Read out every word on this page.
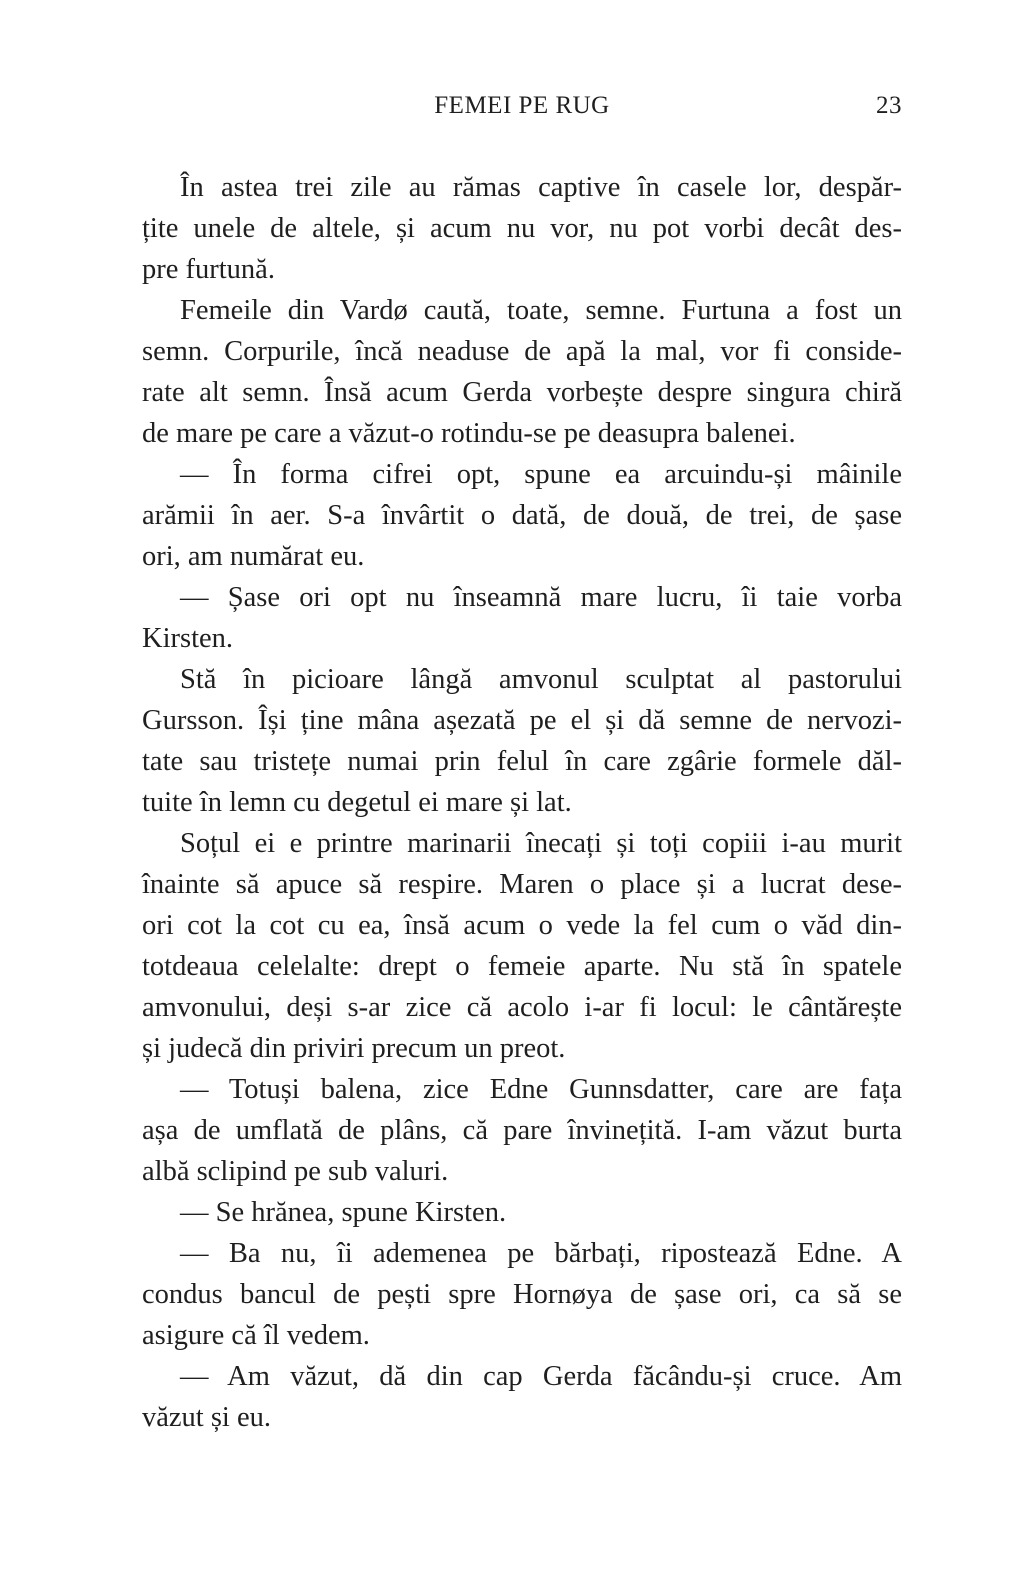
FEMEI PE RUG	23
În astea trei zile au rămas captive în casele lor, despăr-
țite unele de altele, și acum nu vor, nu pot vorbi decât des-
pre furtună.
Femeile din Vardø caută, toate, semne. Furtuna a fost un
semn. Corpurile, încă neaduse de apă la mal, vor fi conside-
rate alt semn. Însă acum Gerda vorbește despre singura chiră
de mare pe care a văzut-o rotindu-se pe deasupra balenei.
— În forma cifrei opt, spune ea arcuindu-și mâinile
arămii în aer. S-a învârtit o dată, de două, de trei, de șase
ori, am numărat eu.
— Șase ori opt nu înseamnă mare lucru, îi taie vorba
Kirsten.
Stă în picioare lângă amvonul sculptat al pastorului
Gursson. Își ține mâna așezată pe el și dă semne de nervozi-
tate sau tristețe numai prin felul în care zgârie formele dăl-
tuite în lemn cu degetul ei mare și lat.
Soțul ei e printre marinarii înecați și toți copiii i-au murit
înainte să apuce să respire. Maren o place și a lucrat dese-
ori cot la cot cu ea, însă acum o vede la fel cum o văd din-
totdeaua celelalte: drept o femeie aparte. Nu stă în spatele
amvonului, deși s-ar zice că acolo i-ar fi locul: le cântărește
și judecă din priviri precum un preot.
— Totuși balena, zice Edne Gunnsdatter, care are fața
așa de umflată de plâns, că pare învinețită. I-am văzut burta
albă sclipind pe sub valuri.
— Se hrănea, spune Kirsten.
— Ba nu, îi ademenea pe bărbați, ripostează Edne. A
condus bancul de pești spre Hornøya de șase ori, ca să se
asigure că îl vedem.
— Am văzut, dă din cap Gerda făcându-și cruce. Am
văzut și eu.
